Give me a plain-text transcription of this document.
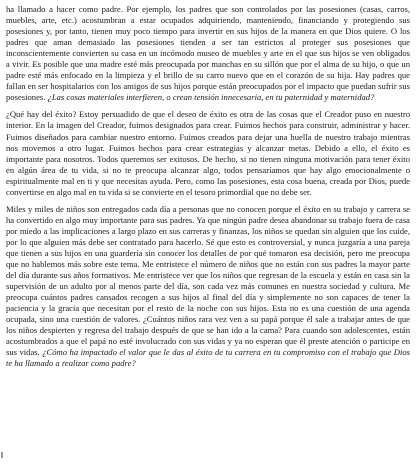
ha llamado a hacer como padre. Por ejemplo, los padres que son controlados por las posesiones (casas, carros, muebles, arte, etc.) acostumbran a estar ocupados adquiriendo, manteniendo, financiando y protegiendo sus posesiones y, por tanto, tienen muy poco tiempo para invertir en sus hijos de la manera en que Dios quiere. O los padres que aman demasiado las posesiones tienden a ser tan estrictos al proteger sus posesiones que inconscientemente convierten su casa en un incómodo museo de muebles y arte en el que sus hijos se ven obligados a vivir. Es posible que una madre esté más preocupada por manchas en su sillón que por el alma de su hijo, o que un padre esté más enfocado en la limpieza y el brillo de su carro nuevo que en el corazón de su hija. Hay padres que fallan en ser hospitalarios con los amigos de sus hijos porque están preocupados por el impacto que puedan sufrir sus posesiones. ¿Las cosas materiales interfieren, o crean tensión innecesaria, en tu paternidad y maternidad?

¿Qué hay del éxito? Estoy persuadido de que el deseo de éxito es otra de las cosas que el Creador puso en nuestro interior. En la imagen del Creador, fuimos designados para crear. Fuimos hechos para construir, administrar y hacer. Fuimos diseñados para cambiar nuestro entorno. Fuimos creados para dejar una huella de nuestro trabajo mientras nos movemos a otro lugar. Fuimos hechos para crear estrategias y alcanzar metas. Debido a ello, el éxito es importante para nosotros. Todos queremos ser exitosos. De hecho, si no tienen ninguna motivación para tener éxito en algún área de tu vida, si no te preocupa alcanzar algo, todos pensaríamos que hay algo emocionalmente o espiritualmente mal en ti y que necesitas ayuda. Pero, como las posesiones, esta cosa buena, creada por Dios, puede convertirse en algo mal en tu vida si se convierte en el tesoro primordial que no debe ser.

Miles y miles de niños son entregados cada día a personas que no conocen porque el éxito en su trabajo y carrera se ha convertido en algo muy importante para sus padres. Ya que ningún padre desea abandonar su trabajo fuera de casa por miedo a las implicaciones a largo plazo en sus carreras y finanzas, los niños se quedan sin alguien que los cuide, por lo que alguien más debe ser contratado para hacerlo. Sé que esto es controversial, y nunca juzgaría a una pareja que tienen a sus hijos en una guardería sin conocer los detalles de por qué tomaron esa decisión, pero me preocupa que no hablemos más sobre este tema. Me entristece el número de niños que no están con sus padres la mayor parte del día durante sus años formativos. Me entristece ver que los niños que regresan de la escuela y están en casa sin la supervisión de un adulto por al menos parte del día, son cada vez más comunes en nuestra sociedad y cultura. Me preocupa cuántos padres cansados recogen a sus hijos al final del día y simplemente no son capaces de tener la paciencia y la gracia que necesitan por el resto de la noche con sus hijos. Esta no es una cuestión de una agenda ocupada, sino una cuestión de valores. ¿Cuántos niños rara vez ven a su papá porque él sale a trabajar antes de que los niños despierten y regresa del trabajo después de que se han ido a la cama? Para cuando son adolescentes, están acostumbrados a que el papá no esté involucrado con sus vidas y ya no esperan que él preste atención o participe en sus vidas. ¿Cómo ha impactado el valor que le das al éxito de tu carrera en tu compromiso con el trabajo que Dios te ha llamado a realizar como padre?
